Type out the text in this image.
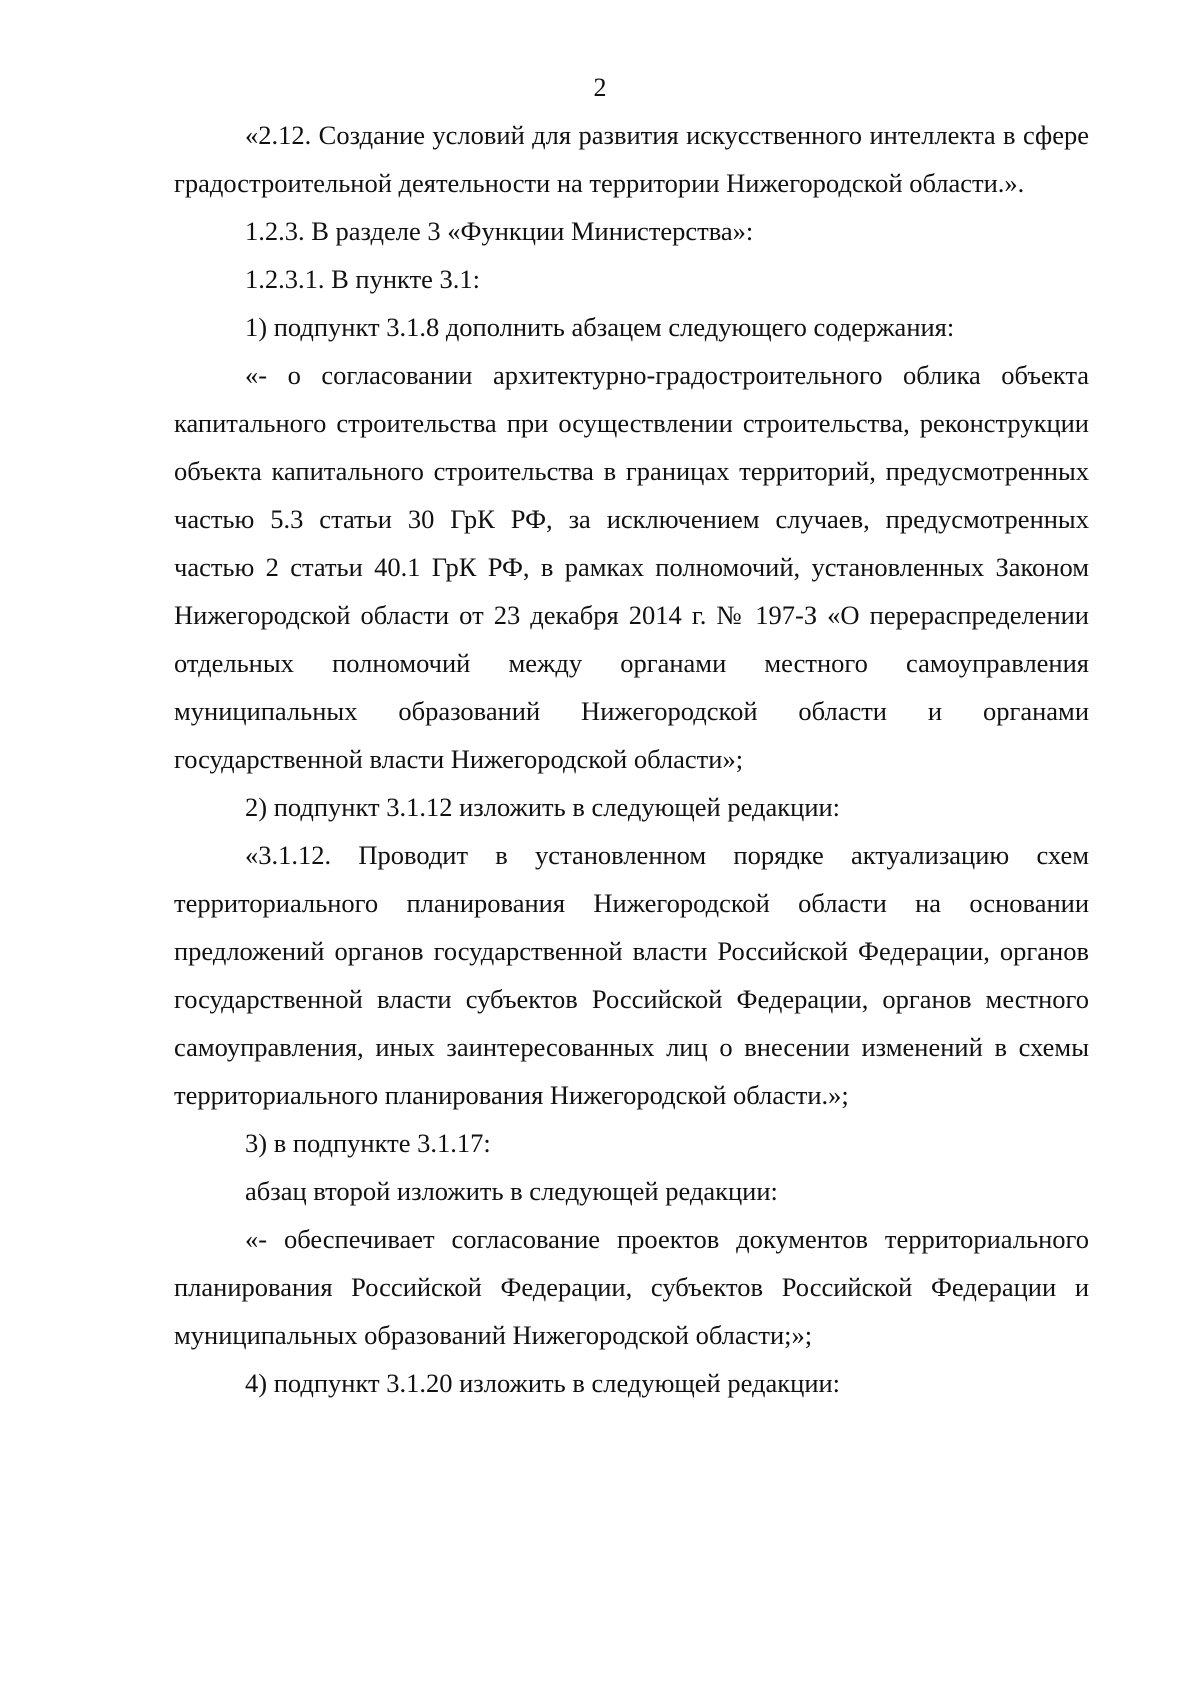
2

«2.12. Создание условий для развития искусственного интеллекта в сфере градостроительной деятельности на территории Нижегородской области.».

1.2.3. В разделе 3 «Функции Министерства»:

1.2.3.1. В пункте 3.1:

1) подпункт 3.1.8 дополнить абзацем следующего содержания:

«- о согласовании архитектурно-градостроительного облика объекта капитального строительства при осуществлении строительства, реконструкции объекта капитального строительства в границах территорий, предусмотренных частью 5.3 статьи 30 ГрК РФ, за исключением случаев, предусмотренных частью 2 статьи 40.1 ГрК РФ, в рамках полномочий, установленных Законом Нижегородской области от 23 декабря 2014 г. № 197-З «О перераспределении отдельных полномочий между органами местного самоуправления муниципальных образований Нижегородской области и органами государственной власти Нижегородской области»;

2) подпункт 3.1.12 изложить в следующей редакции:

«3.1.12. Проводит в установленном порядке актуализацию схем территориального планирования Нижегородской области на основании предложений органов государственной власти Российской Федерации, органов государственной власти субъектов Российской Федерации, органов местного самоуправления, иных заинтересованных лиц о внесении изменений в схемы территориального планирования Нижегородской области.»;

3) в подпункте 3.1.17:

абзац второй изложить в следующей редакции:

«- обеспечивает согласование проектов документов территориального планирования Российской Федерации, субъектов Российской Федерации и муниципальных образований Нижегородской области;»;

4) подпункт 3.1.20 изложить в следующей редакции:
